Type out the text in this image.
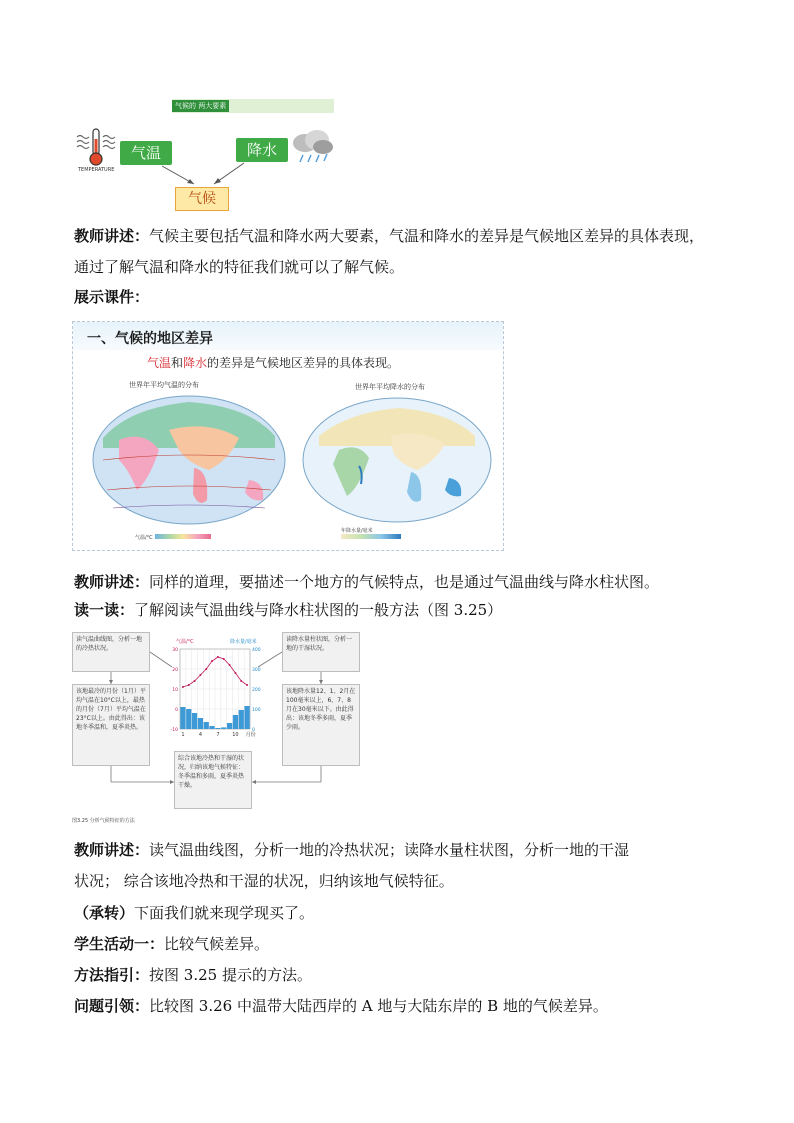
气候的 两大要素
TEMPERATURE
气温	降水
气候
教师讲述：气候主要包括气温和降水两大要素，气温和降水的差异是气候地区差异的具体表现，
通过了解气温和降水的特征我们就可以了解气候。
展示课件：
一、气候的地区差异
气温和降水的差异是气候地区差异的具体表现。
世界年平均气温的分布	世界年平均降水的分布
气温/°C
年降水量/毫米
教师讲述：同样的道理，要描述一个地方的气候特点，也是通过气温曲线与降水柱状图。
读一读：了解阅读气温曲线与降水柱状图的一般方法（图 3.25）
读气温曲线图，分析一地的冷热状况。
读降水量柱状图，分析一地的干湿状况。
该地最冷的月份（1月）平均气温在10°C以上，最热的月份（7月）平均气温在23°C以上。由此得出：该地冬季温和，夏季炎热。
该地降水量12、1、2月在100毫米以上，6、7、8月在30毫米以下。由此得出：该地冬季多雨，夏季少雨。
综合该地冷热和干湿的状况，归纳该地气候特征：冬季温和多雨，夏季炎热干燥。
1	4	7	10 月份
30
20
10
0
-10
400
300
200
100
0
气温/°C	降水量/毫米
图3.25 分析气候特征的方法
教师讲述：读气温曲线图，分析一地的冷热状况；读降水量柱状图，分析一地的干湿
状况； 综合该地冷热和干湿的状况，归纳该地气候特征。
（承转）下面我们就来现学现买了。
学生活动一：比较气候差异。
方法指引：按图 3.25 提示的方法。
问题引领：比较图 3.26 中温带大陆西岸的 A 地与大陆东岸的 B 地的气候差异。
